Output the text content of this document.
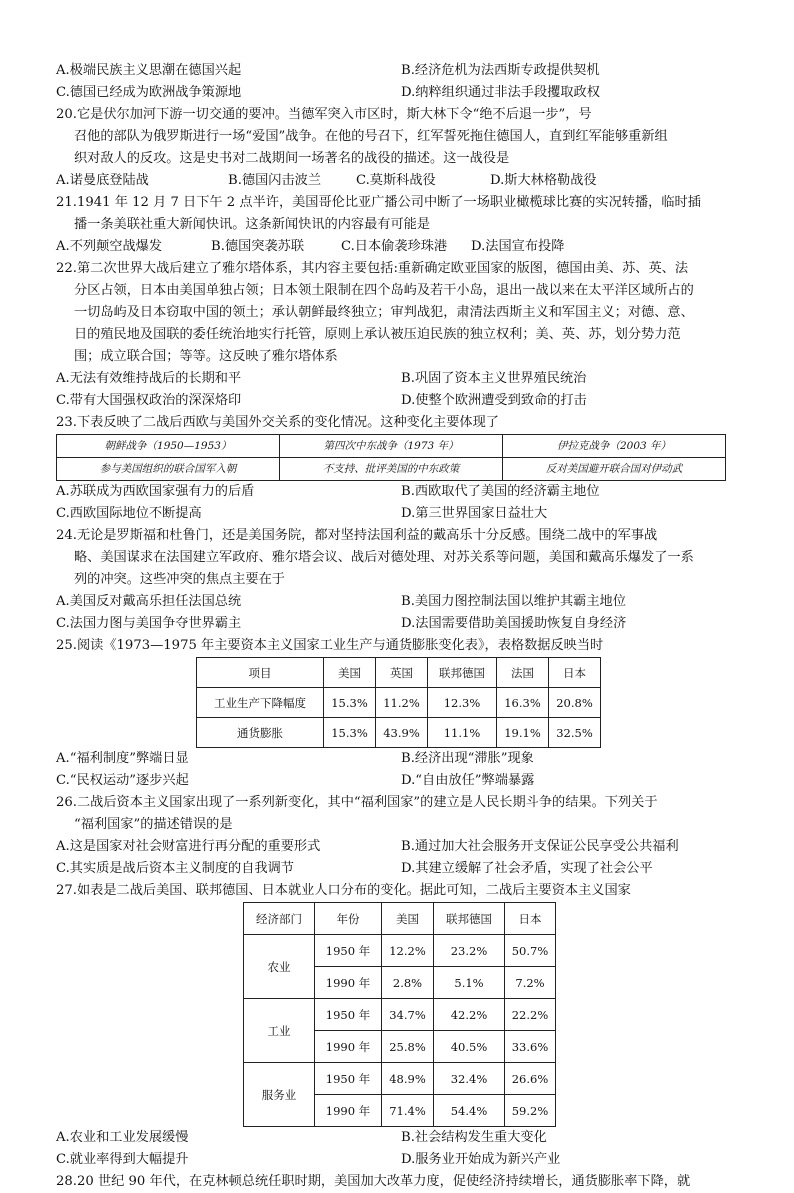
A.极端民族主义思潮在德国兴起	B.经济危机为法西斯专政提供契机
C.德国已经成为欧洲战争策源地	D.纳粹组织通过非法手段攫取政权
20.它是伏尔加河下游一切交通的要冲。当德军突入市区时，斯大林下令“绝不后退一步”，号
召他的部队为俄罗斯进行一场“爱国”战争。在他的号召下，红军誓死拖住德国人，直到红军能够重新组
织对敌人的反攻。这是史书对二战期间一场著名的战役的描述。这一战役是
A.诺曼底登陆战	B.德国闪击波兰	C.莫斯科战役	D.斯大林格勒战役
21.1941 年 12 月 7 日下午 2 点半许，美国哥伦比亚广播公司中断了一场职业橄榄球比赛的实况转播，临时插
播一条美联社重大新闻快讯。这条新闻快讯的内容最有可能是
A.不列颠空战爆发	B.德国突袭苏联	C.日本偷袭珍珠港	D.法国宣布投降
22.第二次世界大战后建立了雅尔塔体系，其内容主要包括:重新确定欧亚国家的版图，德国由美、苏、英、法
分区占领，日本由美国单独占领；日本领土限制在四个岛屿及若干小岛，退出一战以来在太平洋区域所占的
一切岛屿及日本窃取中国的领土；承认朝鲜最终独立；审判战犯，肃清法西斯主义和军国主义；对德、意、
日的殖民地及国联的委任统治地实行托管，原则上承认被压迫民族的独立权利；美、英、苏，划分势力范
围；成立联合国；等等。这反映了雅尔塔体系
A.无法有效维持战后的长期和平	B.巩固了资本主义世界殖民统治
C.带有大国强权政治的深深烙印	D.使整个欧洲遭受到致命的打击
23.下表反映了二战后西欧与美国外交关系的变化情况。这种变化主要体现了
朝鲜战争（1950—1953）	第四次中东战争（1973 年）	伊拉克战争（2003 年）
参与美国组织的联合国军入朝	不支持、批评美国的中东政策	反对美国避开联合国对伊动武
A.苏联成为西欧国家强有力的后盾	B.西欧取代了美国的经济霸主地位
C.西欧国际地位不断提高	D.第三世界国家日益壮大
24.无论是罗斯福和杜鲁门，还是美国务院，都对坚持法国利益的戴高乐十分反感。围绕二战中的军事战
略、美国谋求在法国建立军政府、雅尔塔会议、战后对德处理、对苏关系等问题，美国和戴高乐爆发了一系
列的冲突。这些冲突的焦点主要在于
A.美国反对戴高乐担任法国总统	B.美国力图控制法国以维护其霸主地位
C.法国力图与美国争夺世界霸主	D.法国需要借助美国援助恢复自身经济
25.阅读《1973—1975 年主要资本主义国家工业生产与通货膨胀变化表》，表格数据反映当时
项目	美国	英国	联邦德国	法国	日本
工业生产下降幅度	15.3%	11.2%	12.3%	16.3%	20.8%
通货膨胀	15.3%	43.9%	11.1%	19.1%	32.5%
A.“福利制度”弊端日显	B.经济出现“滞胀”现象
C.“民权运动”逐步兴起	D.“自由放任”弊端暴露
26.二战后资本主义国家出现了一系列新变化，其中“福利国家”的建立是人民长期斗争的结果。下列关于
“福利国家”的描述错误的是
A.这是国家对社会财富进行再分配的重要形式	B.通过加大社会服务开支保证公民享受公共福利
C.其实质是战后资本主义制度的自我调节	D.其建立缓解了社会矛盾，实现了社会公平
27.如表是二战后美国、联邦德国、日本就业人口分布的变化。据此可知，二战后主要资本主义国家
经济部门	年份	美国	联邦德国	日本
农业	1950 年	12.2%	23.2%	50.7%
	1990 年	2.8%	5.1%	7.2%
工业	1950 年	34.7%	42.2%	22.2%
	1990 年	25.8%	40.5%	33.6%
服务业	1950 年	48.9%	32.4%	26.6%
	1990 年	71.4%	54.4%	59.2%
A.农业和工业发展缓慢	B.社会结构发生重大变化
C.就业率得到大幅提升	D.服务业开始成为新兴产业
28.20 世纪 90 年代，在克林顿总统任职时期，美国加大改革力度，促使经济持续增长，通货膨胀率下降，就
